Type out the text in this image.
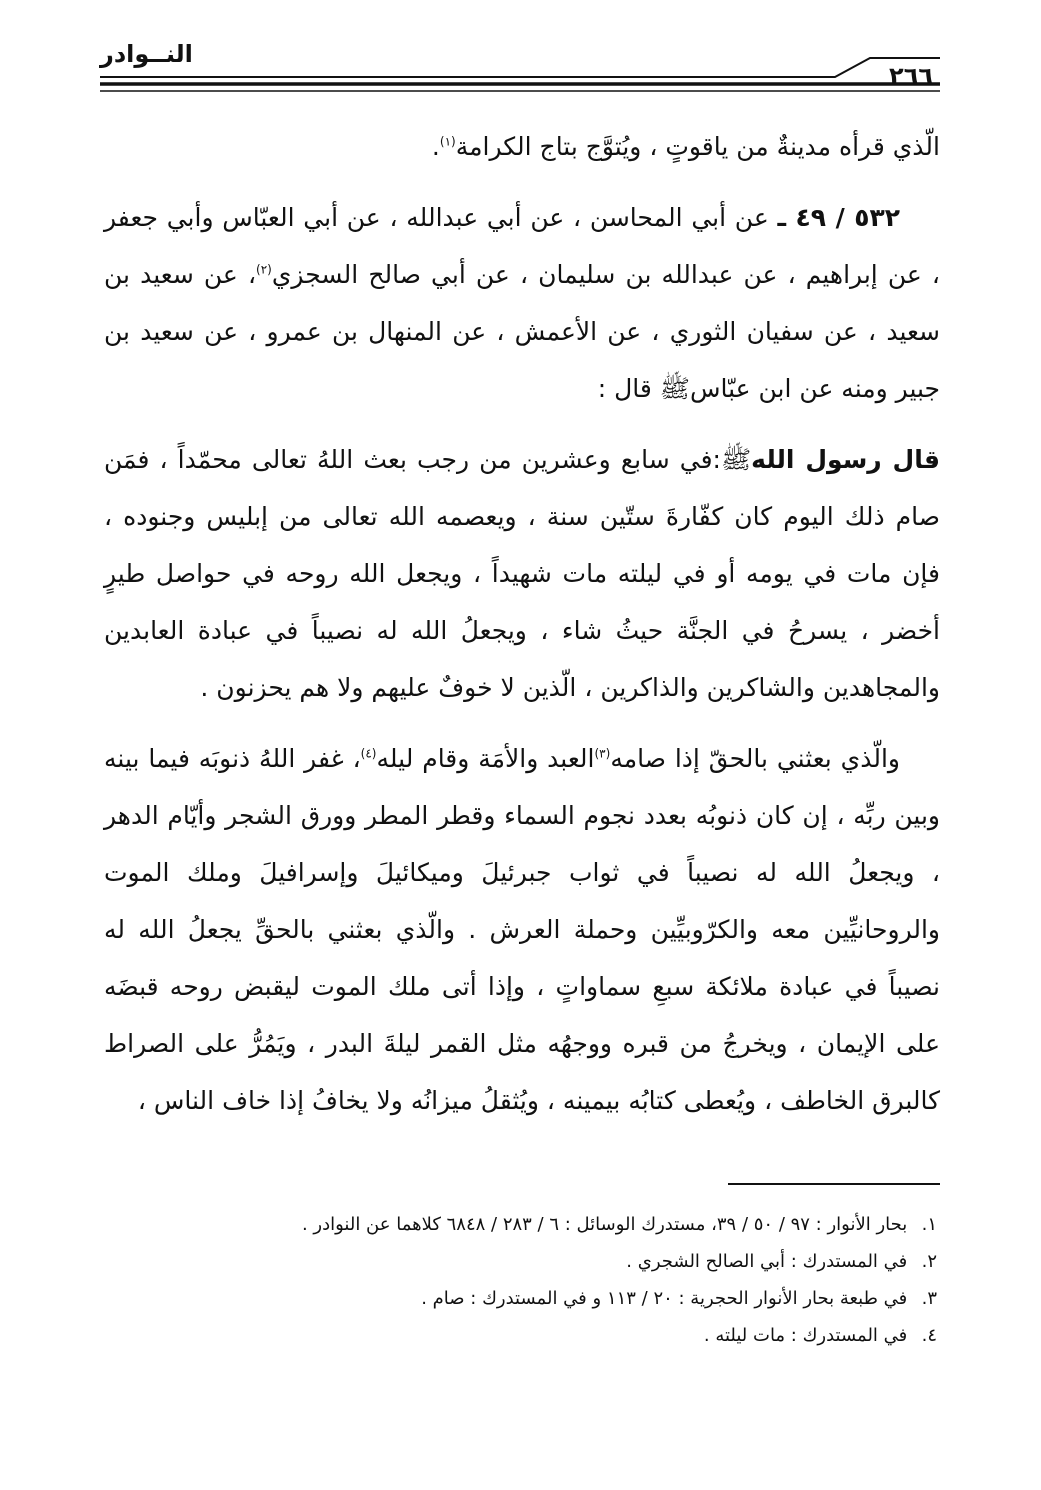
النــوادر
٢٦٦

الّذي قرأه مدينةٌ من ياقوتٍ ، ويُتوَّج بتاج الكرامة$^{(١)}$.

٥٣٢ / ٤٩ ـ عن أبي المحاسن ، عن أبي عبدالله ، عن أبي العبّاس وأبي جعفر ، عن إبراهيم ، عن عبدالله بن سليمان ، عن أبي صالح السجزي$^{(٢)}$، عن سعيد بن سعيد ، عن سفيان الثوري ، عن الأعمش ، عن المنهال بن عمرو ، عن سعيد بن جبير ومنه عن ابن عبّاسﷺ قال :

قال رسول اللهﷺ:في سابع وعشرين من رجب بعث اللهُ تعالى محمّداً ، فمَن صام ذلك اليوم كان كفّارةَ ستّين سنة ، ويعصمه الله تعالى من إبليس وجنوده ، فإن مات في يومه أو في ليلته مات شهيداً ، ويجعل الله روحه في حواصل طيرٍ أخضر ، يسرحُ في الجنَّة حيثُ شاء ، ويجعلُ الله له نصيباً في عبادة العابدين والمجاهدين والشاكرين والذاكرين ، الّذين لا خوفٌ عليهم ولا هم يحزنون .

والّذي بعثني بالحقّ إذا صامه$^{(٣)}$العبد والأمَة وقام ليله$^{(٤)}$، غفر اللهُ ذنوبَه فيما بينه وبين ربِّه ، إن كان ذنوبُه بعدد نجوم السماء وقطر المطر وورق الشجر وأيّام الدهر ، ويجعلُ الله له نصيباً في ثواب جبرئيلَ وميكائيلَ وإسرافيلَ وملك الموت والروحانيِّين معه والكرّوبيِّين وحملة العرش . والّذي بعثني بالحقِّ يجعلُ الله له نصيباً في عبادة ملائكة سبعِ سماواتٍ ، وإذا أتى ملك الموت ليقبض روحه قبضَه على الإيمان ، ويخرجُ من قبره ووجهُه مثل القمر ليلةَ البدر ، ويَمُرُّ على الصراط كالبرق الخاطف ، ويُعطى كتابُه بيمينه ، ويُثقلُ ميزانُه ولا يخافُ إذا خاف الناس ،

١. بحار الأنوار : ٩٧ / ٥٠ / ٣٩، مستدرك الوسائل : ٦ / ٢٨٣ / ٦٨٤٨ كلاهما عن النوادر .

٢. في المستدرك : أبي الصالح الشجري .

٣. في طبعة بحار الأنوار الحجرية : ٢٠ / ١١٣ و في المستدرك : صام .

٤. في المستدرك : مات ليلته .
